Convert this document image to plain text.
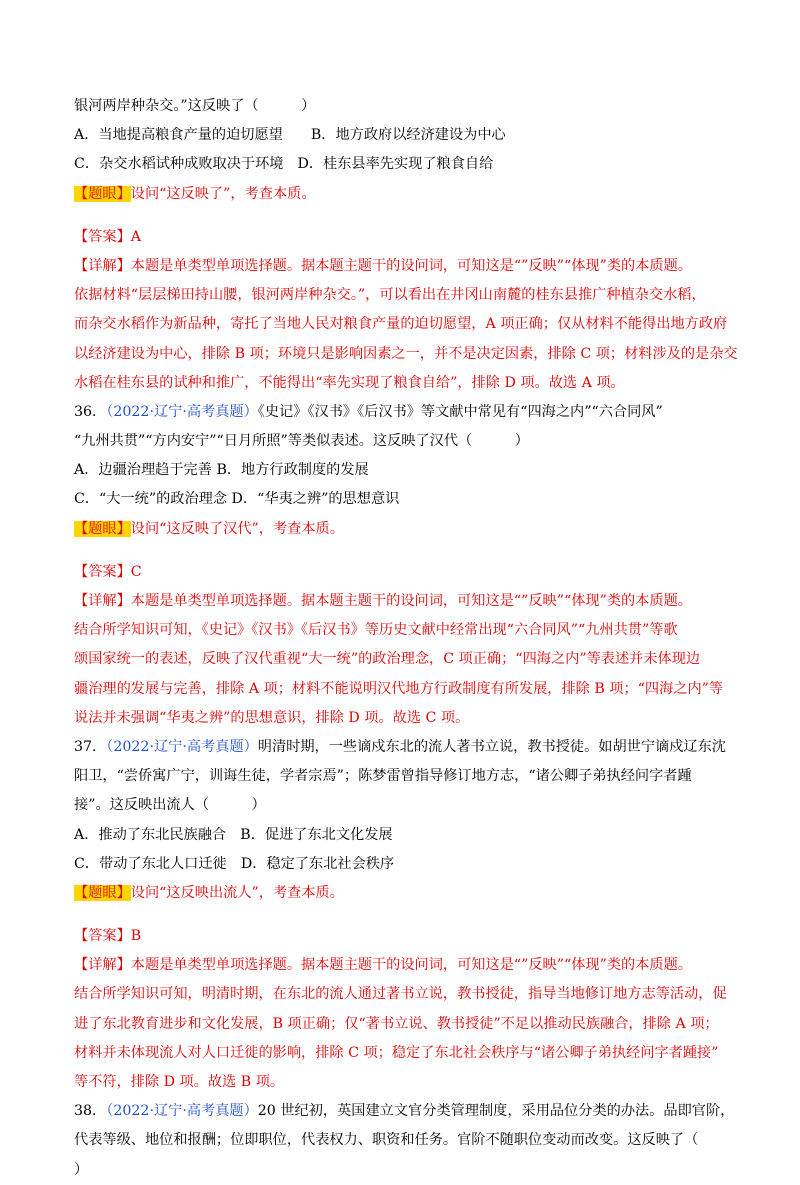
银河两岸种杂交。”这反映了（　　　）
A．当地提高粮食产量的迫切愿望 B．地方政府以经济建设为中心
C．杂交水稻试种成败取决于环境 D．桂东县率先实现了粮食自给
【题眼】设问“这反映了”，考查本质。
【答案】A
【详解】本题是单类型单项选择题。据本题主题干的设问词，可知这是“”反映”“体现”类的本质题。
依据材料“层层梯田持山腰，银河两岸种杂交。”，可以看出在井冈山南麓的桂东县推广种植杂交水稻，
而杂交水稻作为新品种，寄托了当地人民对粮食产量的迫切愿望，A 项正确；仅从材料不能得出地方政府
以经济建设为中心，排除 B 项；环境只是影响因素之一，并不是决定因素，排除 C 项；材料涉及的是杂交
水稻在桂东县的试种和推广，不能得出“率先实现了粮食自给”，排除 D 项。故选 A 项。
36．（2022·辽宁·高考真题）《史记》《汉书》《后汉书》等文献中常见有“四海之内”“六合同风”
“九州共贯”“方内安宁”“日月所照”等类似表述。这反映了汉代（　　　）
A．边疆治理趋于完善 B．地方行政制度的发展
C．“大一统”的政治理念 D．“华夷之辨”的思想意识
【题眼】设问“这反映了汉代”，考查本质。
【答案】C
【详解】本题是单类型单项选择题。据本题主题干的设问词，可知这是“”反映”“体现”类的本质题。
结合所学知识可知，《史记》《汉书》《后汉书》等历史文献中经常出现“六合同风”“九州共贯”等歌
颂国家统一的表述，反映了汉代重视“大一统”的政治理念，C 项正确；“四海之内”等表述并未体现边
疆治理的发展与完善，排除 A 项；材料不能说明汉代地方行政制度有所发展，排除 B 项；“四海之内”等
说法并未强调“华夷之辨”的思想意识，排除 D 项。故选 C 项。
37．（2022·辽宁·高考真题）明清时期，一些谪戍东北的流人著书立说，教书授徒。如胡世宁谪戍辽东沈
阳卫，“尝侨寓广宁，训诲生徒，学者宗焉”；陈梦雷曾指导修订地方志，“诸公卿子弟执经问字者踵
接”。这反映出流人（　　　）
A．推动了东北民族融合　B．促进了东北文化发展
C．带动了东北人口迁徙　D．稳定了东北社会秩序
【题眼】设问“这反映出流人”，考查本质。
【答案】B
【详解】本题是单类型单项选择题。据本题主题干的设问词，可知这是“”反映”“体现”类的本质题。
结合所学知识可知，明清时期，在东北的流人通过著书立说，教书授徒，指导当地修订地方志等活动，促
进了东北教育进步和文化发展，B 项正确；仅“著书立说、教书授徒”不足以推动民族融合，排除 A 项；
材料并未体现流人对人口迁徙的影响，排除 C 项；稳定了东北社会秩序与“诸公卿子弟执经问字者踵接”
等不符，排除 D 项。故选 B 项。
38．（2022·辽宁·高考真题）20 世纪初，英国建立文官分类管理制度，采用品位分类的办法。品即官阶，
代表等级、地位和报酬；位即职位，代表权力、职资和任务。官阶不随职位变动而改变。这反映了（
）
